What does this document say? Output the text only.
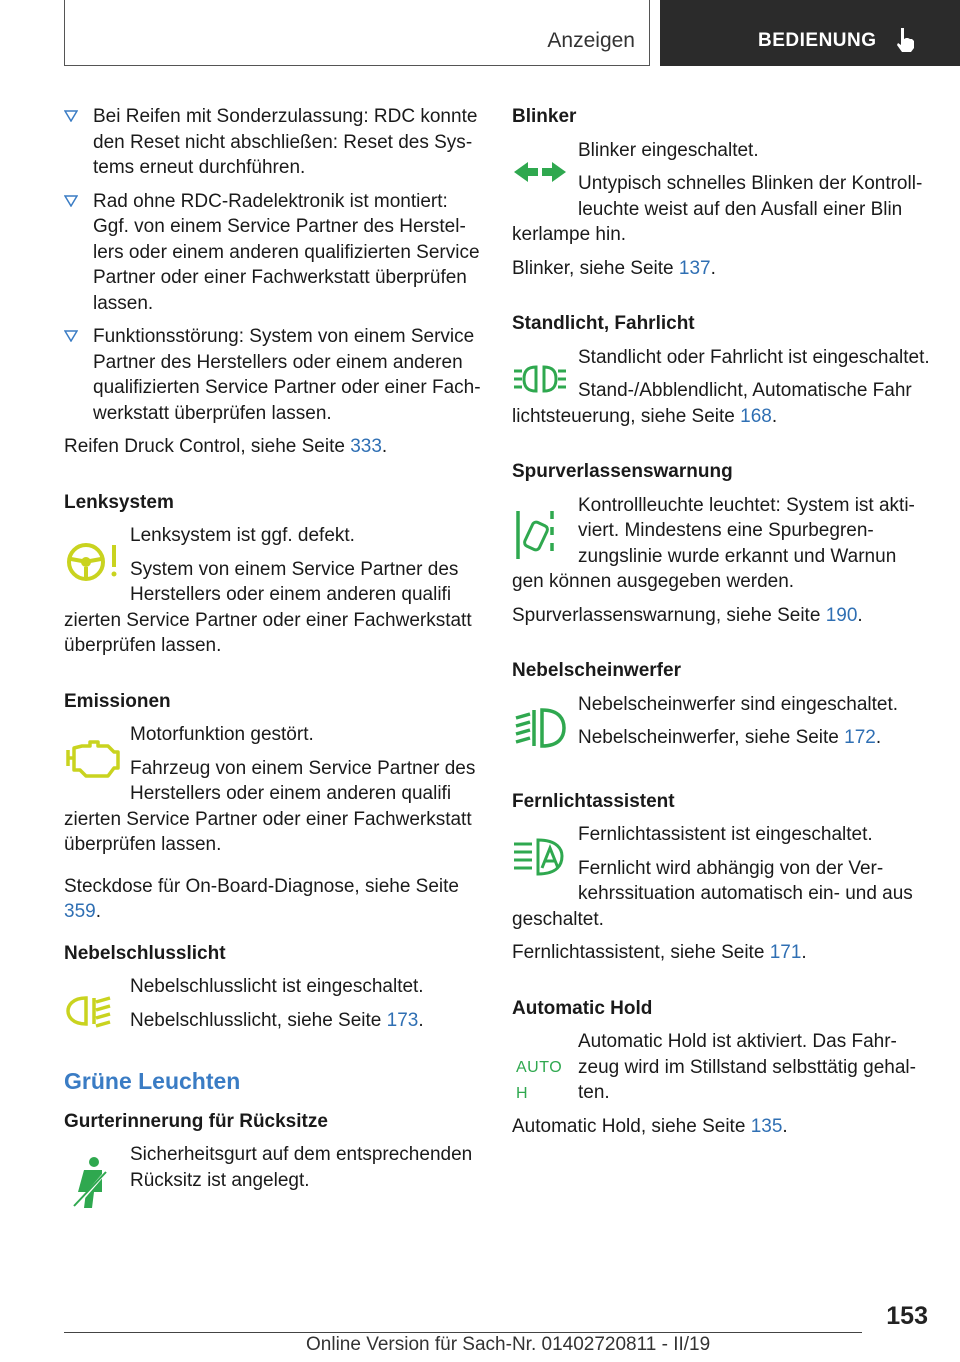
Anzeigen	BEDIENUNG
Bei Reifen mit Sonderzulassung: RDC konnte den Reset nicht abschließen: Reset des Systems erneut durchführen.
Rad ohne RDC-Radelektronik ist montiert: Ggf. von einem Service Partner des Herstellers oder einem anderen qualifizierten Service Partner oder einer Fachwerkstatt überprüfen lassen.
Funktionsstörung: System von einem Service Partner des Herstellers oder einem anderen qualifizierten Service Partner oder einer Fachwerkstatt überprüfen lassen.

Reifen Druck Control, siehe Seite 333.

Lenksystem

Lenksystem ist ggf. defekt.

System von einem Service Partner des Herstellers oder einem anderen qualifi

zierten Service Partner oder einer Fachwerkstatt überprüfen lassen.

Emissionen

Motorfunktion gestört.

Fahrzeug von einem Service Partner des Herstellers oder einem anderen qualifi

zierten Service Partner oder einer Fachwerkstatt überprüfen lassen.

Steckdose für On-Board-Diagnose, siehe Seite 359.

Nebelschlusslicht

Nebelschlusslicht ist eingeschaltet.

Nebelschlusslicht, siehe Seite 173.

Grüne Leuchten
Gurterinnerung für Rücksitze

Sicherheitsgurt auf dem entsprechenden Rücksitz ist angelegt.

Blinker

Blinker eingeschaltet.

Untypisch schnelles Blinken der Kontrollleuchte weist auf den Ausfall einer Blin

kerlampe hin.

Blinker, siehe Seite 137.

Standlicht, Fahrlicht

Standlicht oder Fahrlicht ist eingeschaltet.

Stand-/Abblendlicht, Automatische Fahr

lichtsteuerung, siehe Seite 168.

Spurverlassenswarnung

Kontrollleuchte leuchtet: System ist aktiviert. Mindestens eine Spurbegrenzungslinie wurde erkannt und Warnun

gen können ausgegeben werden.

Spurverlassenswarnung, siehe Seite 190.

Nebelscheinwerfer

Nebelscheinwerfer sind eingeschaltet.

Nebelscheinwerfer, siehe Seite 172.

Fernlichtassistent

Fernlichtassistent ist eingeschaltet.

Fernlicht wird abhängig von der Verkehrssituation automatisch ein- und aus

geschaltet.

Fernlichtassistent, siehe Seite 171.

Automatic Hold
AUTO H

Automatic Hold ist aktiviert. Das Fahrzeug wird im Stillstand selbsttätig gehalten.

Automatic Hold, siehe Seite 135.

153
Online Version für Sach-Nr. 01402720811 - II/19
